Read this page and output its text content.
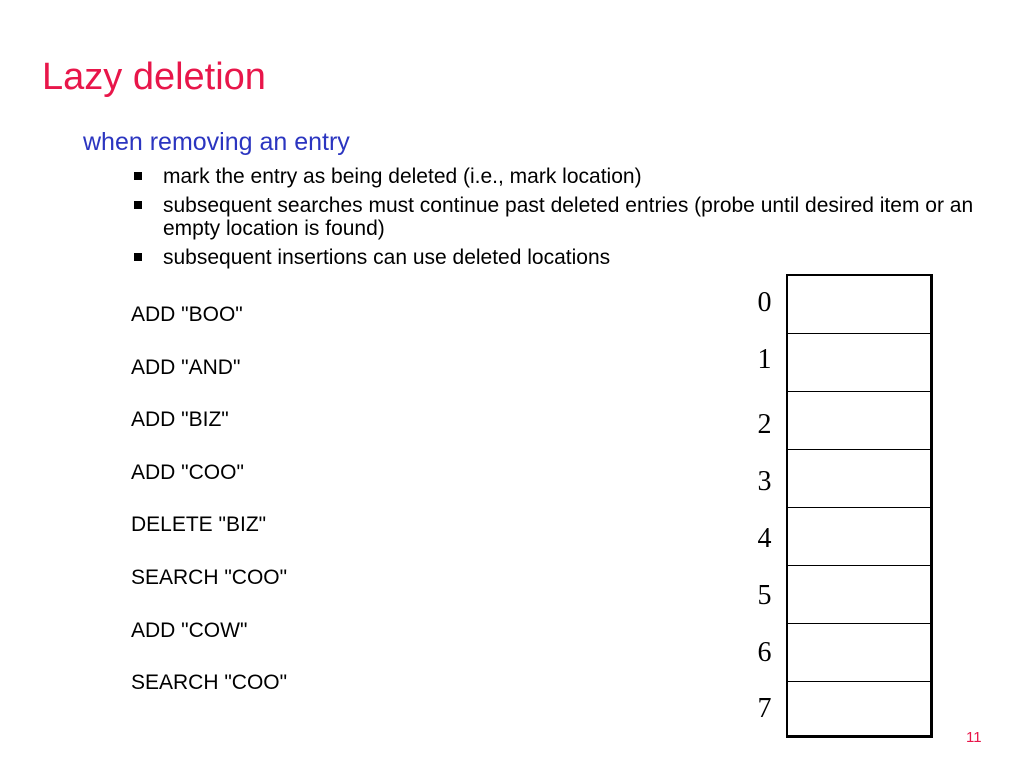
Lazy deletion
when removing an entry
mark the entry as being deleted (i.e., mark location)
subsequent searches must continue past deleted entries (probe until desired item or an empty location is found)
subsequent insertions can use deleted locations
ADD "BOO"
ADD "AND"
ADD "BIZ"
ADD "COO"
DELETE "BIZ"
SEARCH "COO"
ADD "COW"
SEARCH "COO"
0
1
2
3
4
5
6
7
11
